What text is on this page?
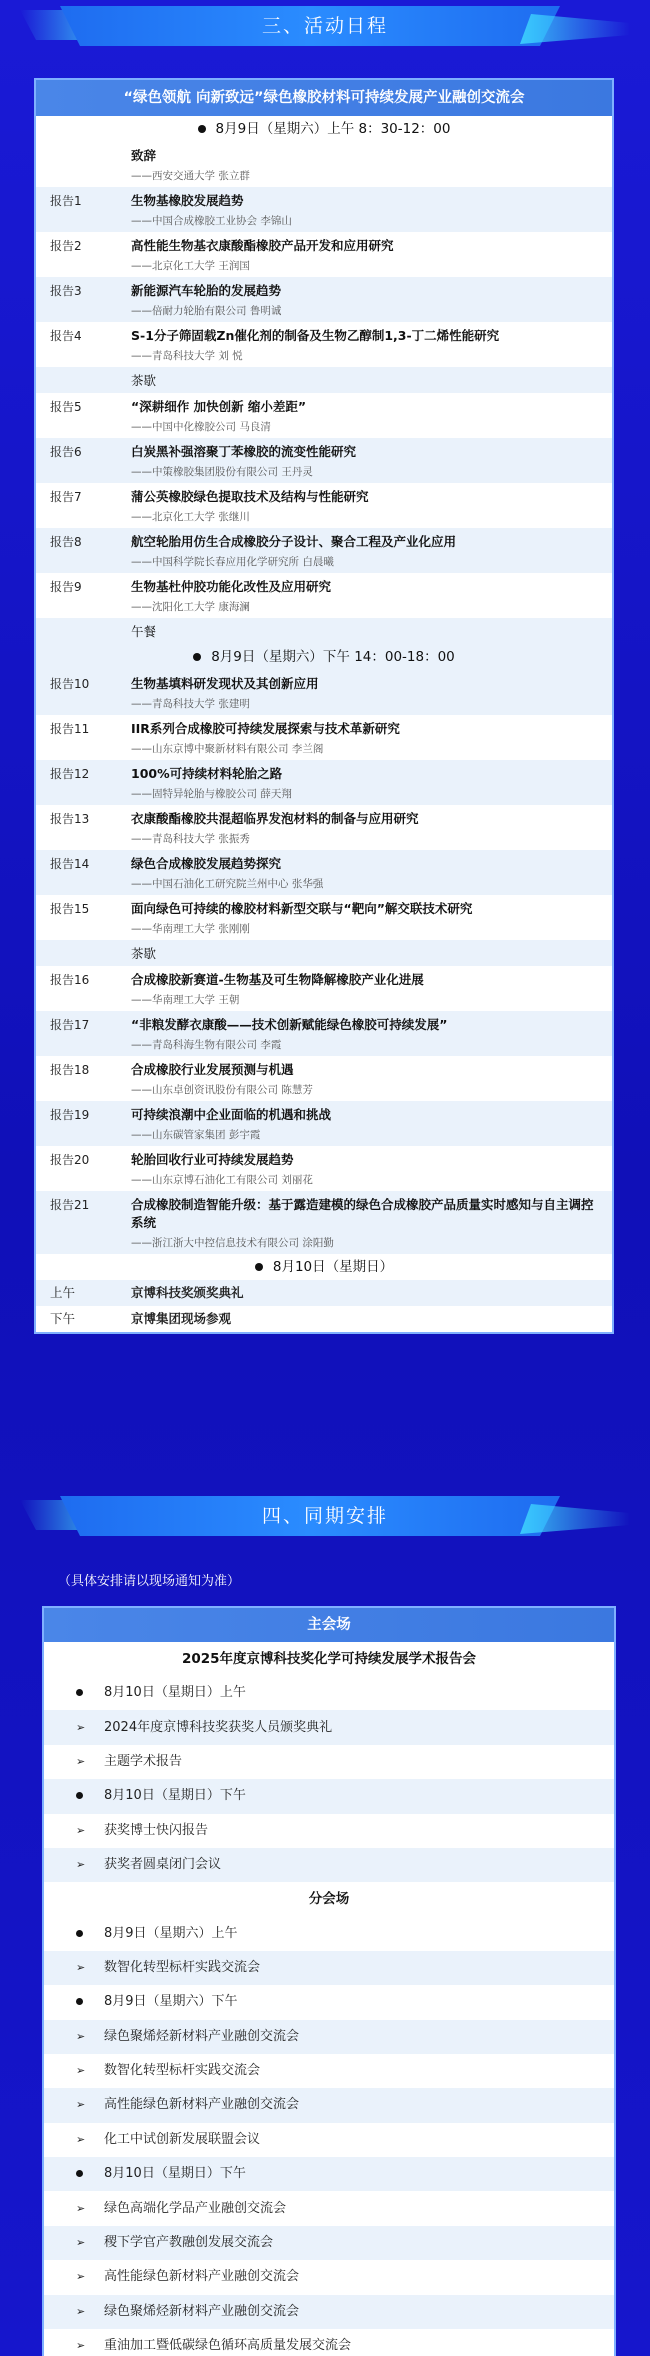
三、活动日程
“绿色领航 向新致远”绿色橡胶材料可持续发展产业融创交流会
8月9日（星期六）上午 8：30-12：00
致辞
——西安交通大学 张立群
报告1	生物基橡胶发展趋势
——中国合成橡胶工业协会 李锦山
报告2	高性能生物基衣康酸酯橡胶产品开发和应用研究
——北京化工大学 王润国
报告3	新能源汽车轮胎的发展趋势
——倍耐力轮胎有限公司 鲁明诚
报告4	S-1分子筛固载Zn催化剂的制备及生物乙醇制1,3-丁二烯性能研究
——青岛科技大学 刘 悦
茶歇
报告5	“深耕细作 加快创新 缩小差距”
——中国中化橡胶公司 马良清
报告6	白炭黑补强溶聚丁苯橡胶的流变性能研究
——中策橡胶集团股份有限公司 王丹灵
报告7	蒲公英橡胶绿色提取技术及结构与性能研究
——北京化工大学 张继川
报告8	航空轮胎用仿生合成橡胶分子设计、聚合工程及产业化应用
——中国科学院长春应用化学研究所 白晨曦
报告9	生物基杜仲胶功能化改性及应用研究
——沈阳化工大学 康海澜
午餐
8月9日（星期六）下午 14：00-18：00
报告10	生物基填料研发现状及其创新应用
——青岛科技大学 张建明
报告11	IIR系列合成橡胶可持续发展探索与技术革新研究
——山东京博中聚新材料有限公司 李兰阁
报告12	100%可持续材料轮胎之路
——固特异轮胎与橡胶公司 薛天翔
报告13	衣康酸酯橡胶共混超临界发泡材料的制备与应用研究
——青岛科技大学 张振秀
报告14	绿色合成橡胶发展趋势探究
——中国石油化工研究院兰州中心 张华强
报告15	面向绿色可持续的橡胶材料新型交联与“靶向”解交联技术研究
——华南理工大学 张刚刚
茶歇
报告16	合成橡胶新赛道-生物基及可生物降解橡胶产业化进展
——华南理工大学 王朝
报告17	“非粮发酵衣康酸——技术创新赋能绿色橡胶可持续发展”
——青岛科海生物有限公司 李霞
报告18	合成橡胶行业发展预测与机遇
——山东卓创资讯股份有限公司 陈慧芳
报告19	可持续浪潮中企业面临的机遇和挑战
——山东碳管家集团 彭宇霞
报告20	轮胎回收行业可持续发展趋势
——山东京博石油化工有限公司 刘丽花
报告21	合成橡胶制造智能升级：基于露造建模的绿色合成橡胶产品质量实时感知与自主调控系统
——浙江浙大中控信息技术有限公司 涂阳勤
8月10日（星期日）
上午	京博科技奖颁奖典礼
下午	京博集团现场参观
四、同期安排
（具体安排请以现场通知为准）
主会场
2025年度京博科技奖化学可持续发展学术报告会
8月10日（星期日）上午
➢	2024年度京博科技奖获奖人员颁奖典礼
➢	主题学术报告
8月10日（星期日）下午
➢	获奖博士快闪报告
➢	获奖者圆桌闭门会议
分会场
8月9日（星期六）上午
➢	数智化转型标杆实践交流会
8月9日（星期六）下午
➢	绿色聚烯烃新材料产业融创交流会
➢	数智化转型标杆实践交流会
➢	高性能绿色新材料产业融创交流会
➢	化工中试创新发展联盟会议
8月10日（星期日）下午
➢	绿色高端化学品产业融创交流会
➢	稷下学官产教融创发展交流会
➢	高性能绿色新材料产业融创交流会
➢	绿色聚烯烃新材料产业融创交流会
➢	重油加工暨低碳绿色循环高质量发展交流会
